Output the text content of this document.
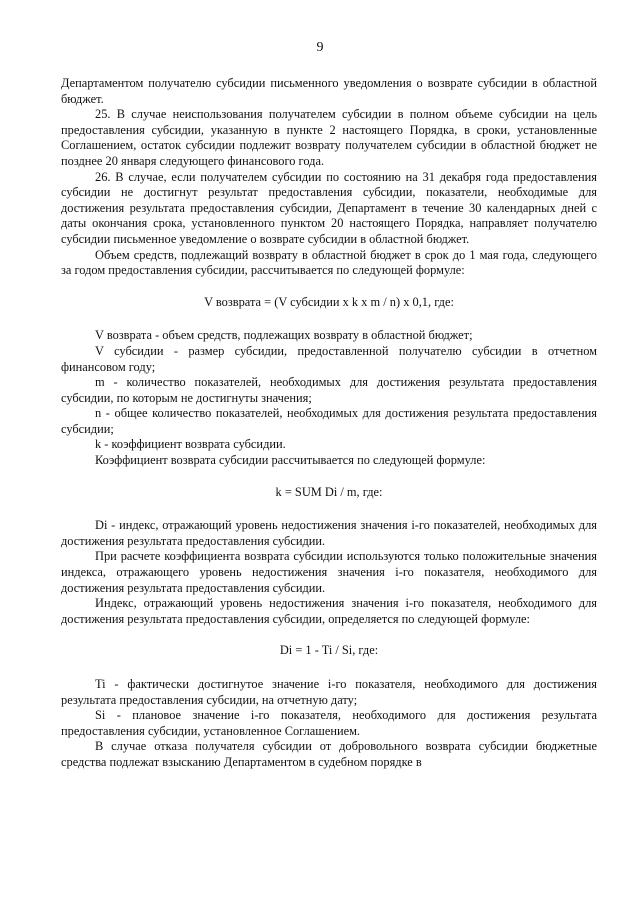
9

Департаментом получателю субсидии письменного уведомления о возврате субсидии в областной бюджет.

25. В случае неиспользования получателем субсидии в полном объеме субсидии на цель предоставления субсидии, указанную в пункте 2 настоящего Порядка, в сроки, установленные Соглашением, остаток субсидии подлежит возврату получателем субсидии в областной бюджет не позднее 20 января следующего финансового года.

26. В случае, если получателем субсидии по состоянию на 31 декабря года предоставления субсидии не достигнут результат предоставления субсидии, показатели, необходимые для достижения результата предоставления субсидии, Департамент в течение 30 календарных дней с даты окончания срока, установленного пунктом 20 настоящего Порядка, направляет получателю субсидии письменное уведомление о возврате субсидии в областной бюджет.

Объем средств, подлежащий возврату в областной бюджет в срок до 1 мая года, следующего за годом предоставления субсидии, рассчитывается по следующей формуле:

V возврата = (V субсидии x k x m / n) x 0,1, где:

V возврата - объем средств, подлежащих возврату в областной бюджет;

V субсидии - размер субсидии, предоставленной получателю субсидии в отчетном финансовом году;

m - количество показателей, необходимых для достижения результата предоставления субсидии, по которым не достигнуты значения;

n - общее количество показателей, необходимых для достижения результата предоставления субсидии;

k - коэффициент возврата субсидии.

Коэффициент возврата субсидии рассчитывается по следующей формуле:

k = SUM Di / m, где:

Di - индекс, отражающий уровень недостижения значения i-го показателей, необходимых для достижения результата предоставления субсидии.

При расчете коэффициента возврата субсидии используются только положительные значения индекса, отражающего уровень недостижения значения i-го показателя, необходимого для достижения результата предоставления субсидии.

Индекс, отражающий уровень недостижения значения i-го показателя, необходимого для достижения результата предоставления субсидии, определяется по следующей формуле:

Di = 1 - Ti / Si, где:

Ti - фактически достигнутое значение i-го показателя, необходимого для достижения результата предоставления субсидии, на отчетную дату;

Si - плановое значение i-го показателя, необходимого для достижения результата предоставления субсидии, установленное Соглашением.

В случае отказа получателя субсидии от добровольного возврата субсидии бюджетные средства подлежат взысканию Департаментом в судебном порядке в
